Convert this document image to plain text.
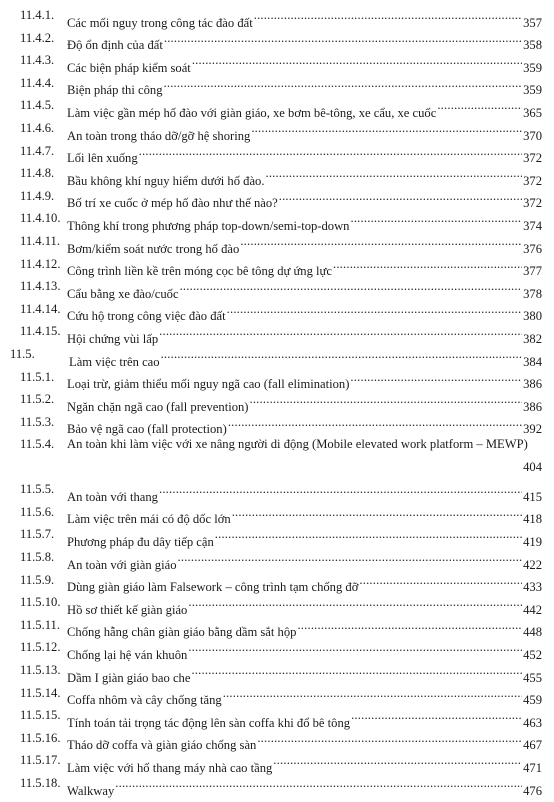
11.4.1.
Các mối nguy trong công tác đào đất .....	357
11.4.2.
Độ ổn định của đất .....	358
11.4.3.
Các biện pháp kiểm soát .....	359
11.4.4.
Biện pháp thi công .....	359
11.4.5.
Làm việc gần mép hố đào với giàn giáo, xe bơm bê-tông, xe cẩu, xe cuốc .....	365
11.4.6.
An toàn trong tháo dỡ/gỡ hệ shoring .....	370
11.4.7.
Lối lên xuống .....	372
11.4.8.
Bầu không khí nguy hiểm dưới hố đào. .....	372
11.4.9.
Bố trí xe cuốc ở mép hố đào như thế nào? .....	372
11.4.10.
Thông khí trong phương pháp top-down/semi-top-down .....	374
11.4.11.
Bơm/kiểm soát nước trong hố đào .....	376
11.4.12.
Công trình liền kề trên móng cọc bê tông dự ứng lực .....	377
11.4.13.
Cẩu bằng xe đào/cuốc .....	378
11.4.14.
Cứu hộ trong công việc đào đất .....	380
11.4.15.
Hội chứng vùi lấp .....	382
11.5.
Làm việc trên cao .....	384
11.5.1.
Loại trừ, giảm thiểu mối nguy ngã cao (fall elimination) .....	386
11.5.2.
Ngăn chặn ngã cao (fall prevention) .....	386
11.5.3.
Bảo vệ ngã cao (fall protection) .....	392
11.5.4. An toàn khi làm việc với xe nâng người di động (Mobile elevated work platform – MEWP)
404
11.5.5.
An toàn với thang .....	415
11.5.6.
Làm việc trên mái có độ dốc lớn .....	418
11.5.7.
Phương pháp đu dây tiếp cận .....	419
11.5.8.
An toàn với giàn giáo .....	422
11.5.9.
Dùng giàn giáo làm Falsework – công trình tạm chống đỡ .....	433
11.5.10.
Hồ sơ thiết kế giàn giáo .....	442
11.5.11.
Chống hẫng chân giàn giáo bằng dầm sắt hộp .....	448
11.5.12.
Chống lại hệ ván khuôn .....	452
11.5.13.
Dầm I giàn giáo bao che .....	455
11.5.14.
Coffa nhôm và cây chống tăng .....	459
11.5.15.
Tính toán tải trọng tác động lên sàn coffa khi đổ bê tông .....	463
11.5.16.
Tháo dỡ coffa và giàn giáo chống sàn .....	467
11.5.17.
Làm việc với hố thang máy nhà cao tầng .....	471
11.5.18.
Walkway .....	476
